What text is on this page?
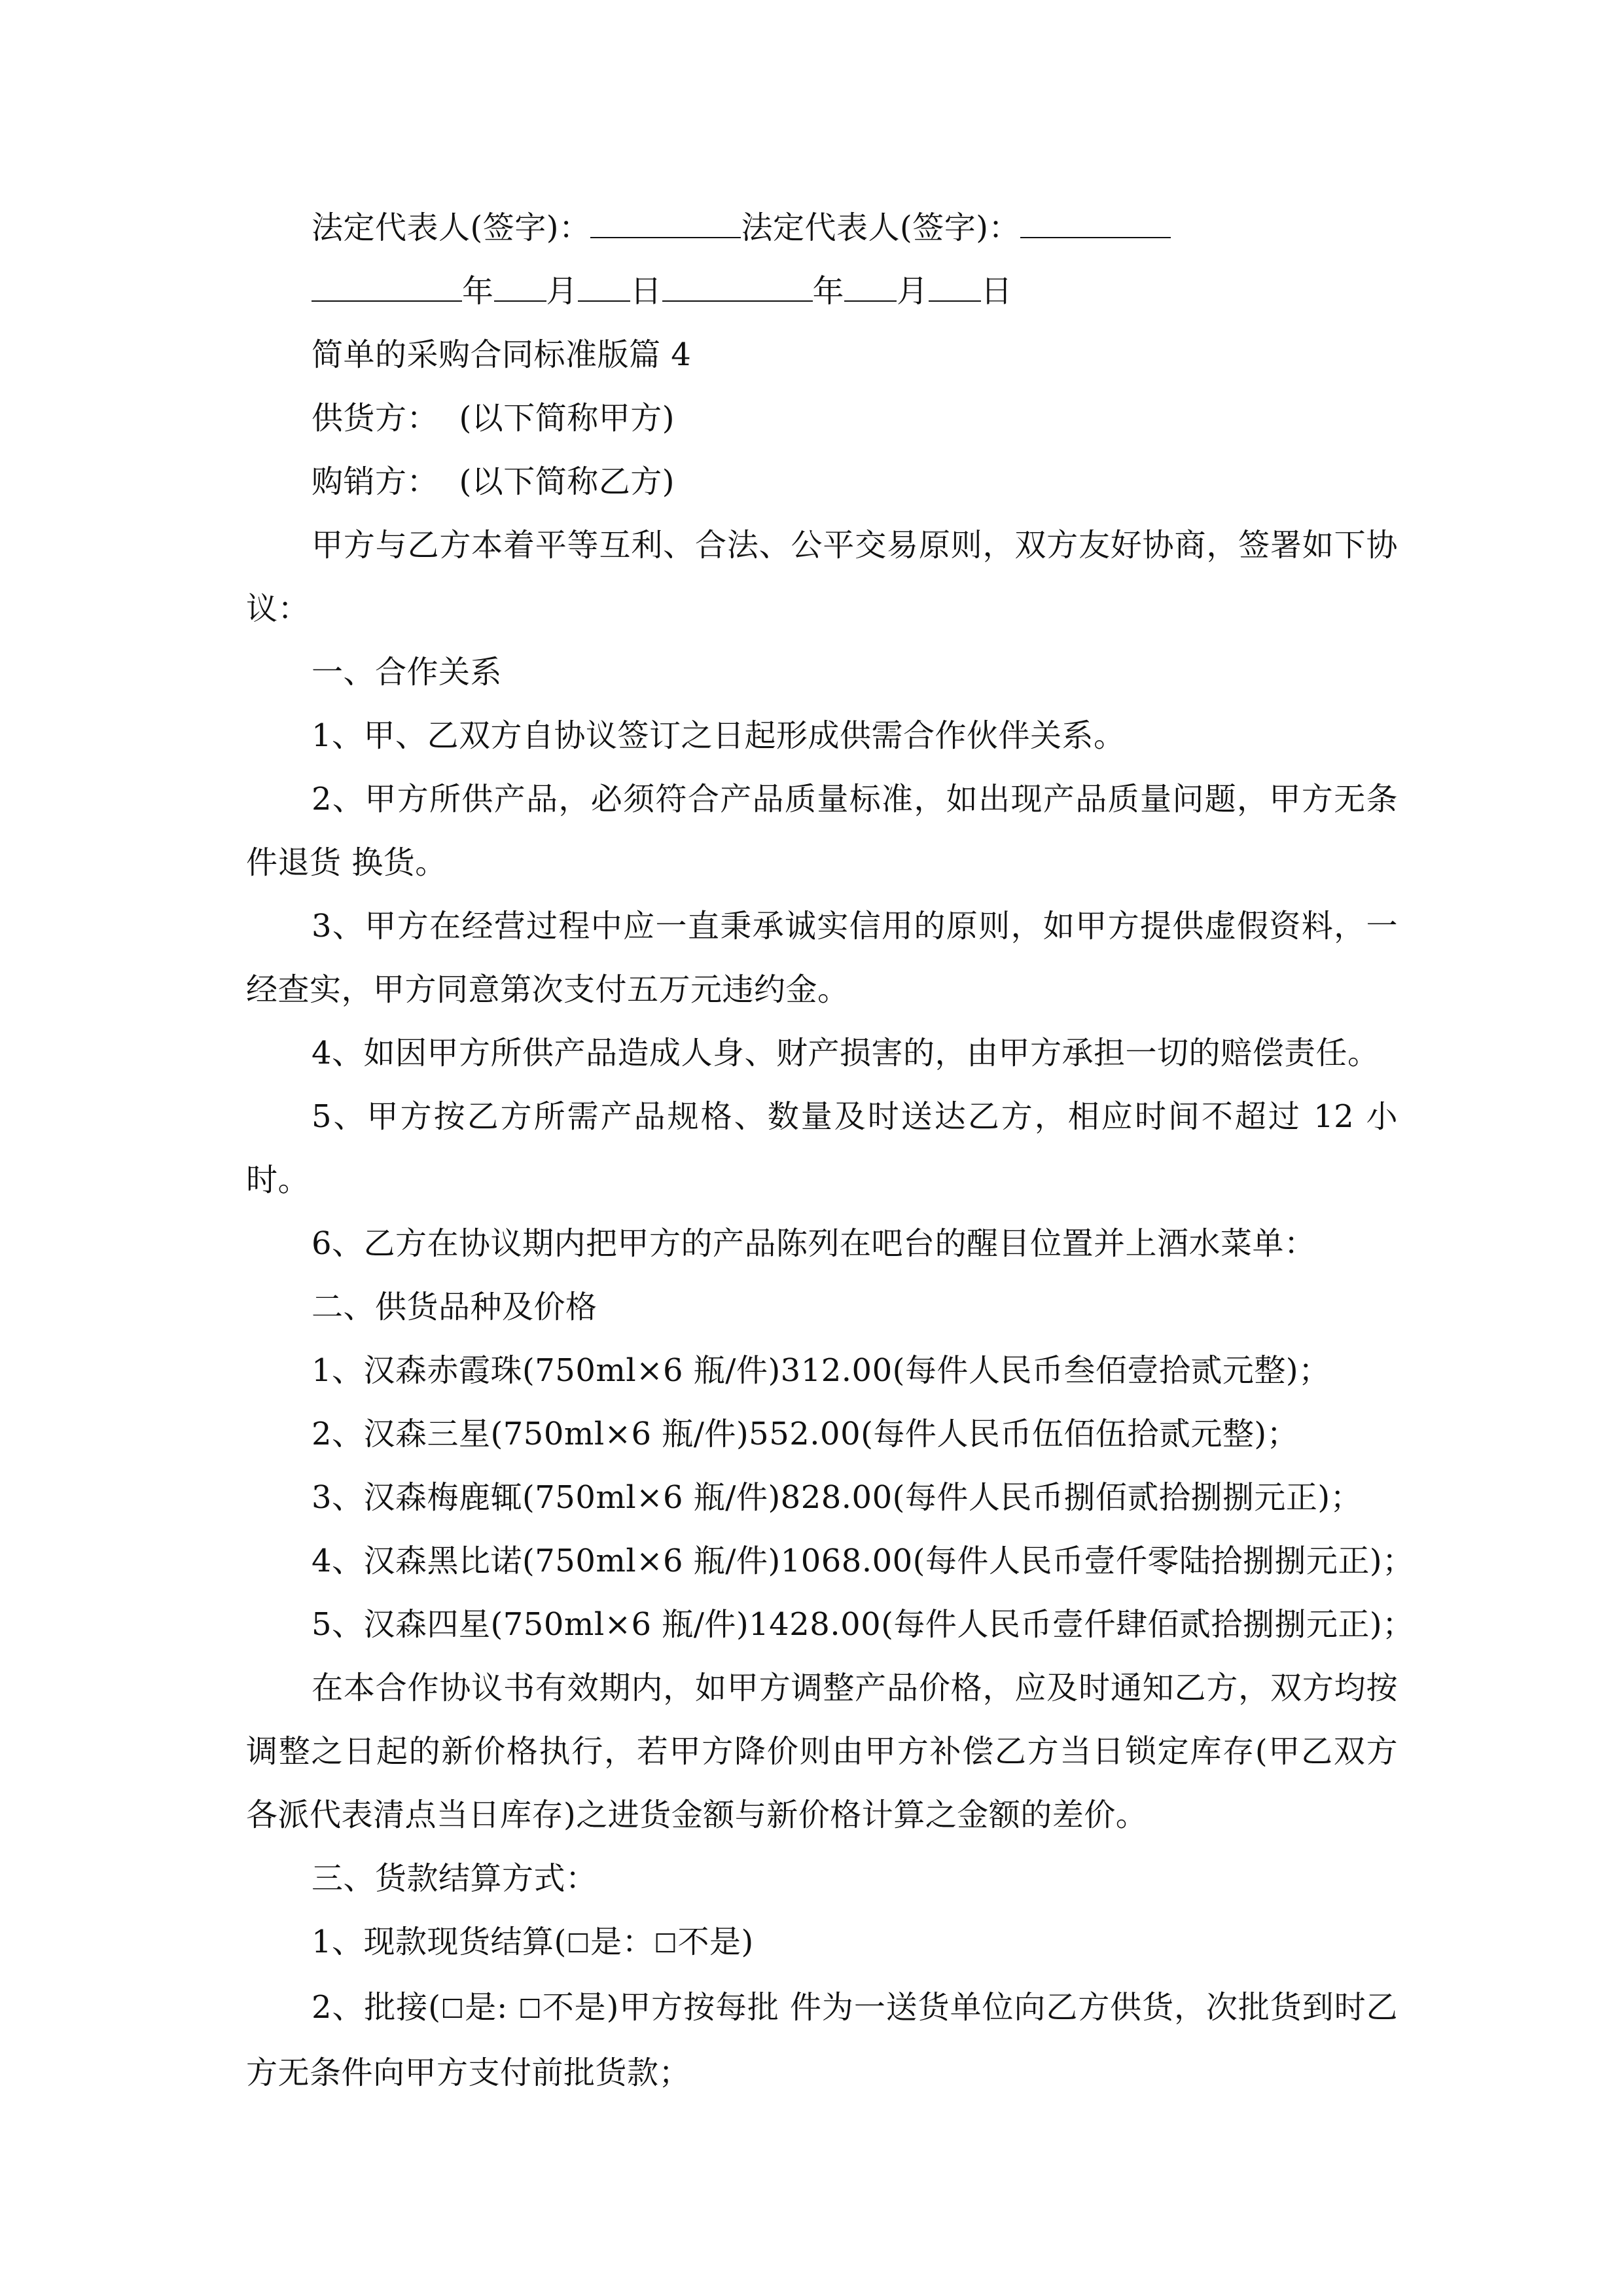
法定代表人(签字)：	法定代表人(签字)：

年 月 日	年 月 日

简单的采购合同标准版篇 4

供货方：  (以下简称甲方)

购销方：  (以下简称乙方)

甲方与乙方本着平等互利、合法、公平交易原则，双方友好协商，签署如下协议：

一、合作关系

1、甲、乙双方自协议签订之日起形成供需合作伙伴关系。

2、甲方所供产品，必须符合产品质量标准，如出现产品质量问题，甲方无条件退货 换货。

3、甲方在经营过程中应一直秉承诚实信用的原则，如甲方提供虚假资料，一经查实，甲方同意第次支付五万元违约金。

4、如因甲方所供产品造成人身、财产损害的，由甲方承担一切的赔偿责任。

5、甲方按乙方所需产品规格、数量及时送达乙方，相应时间不超过 12 小时。

6、乙方在协议期内把甲方的产品陈列在吧台的醒目位置并上酒水菜单：

二、供货品种及价格

1、汉森赤霞珠(750ml×6 瓶/件)312.00(每件人民币叁佰壹拾贰元整)；

2、汉森三星(750ml×6 瓶/件)552.00(每件人民币伍佰伍拾贰元整)；

3、汉森梅鹿辄(750ml×6 瓶/件)828.00(每件人民币捌佰贰拾捌捌元正)；

4、汉森黑比诺(750ml×6 瓶/件)1068.00(每件人民币壹仟零陆拾捌捌元正)；

5、汉森四星(750ml×6 瓶/件)1428.00(每件人民币壹仟肆佰贰拾捌捌元正)；

在本合作协议书有效期内，如甲方调整产品价格，应及时通知乙方，双方均按调整之日起的新价格执行，若甲方降价则由甲方补偿乙方当日锁定库存(甲乙双方各派代表清点当日库存)之进货金额与新价格计算之金额的差价。

三、货款结算方式：

1、现款现货结算(☐是：☐不是)

2、批接(☐是: ☐不是)甲方按每批 件为一送货单位向乙方供货，次批货到时乙方无条件向甲方支付前批货款；
